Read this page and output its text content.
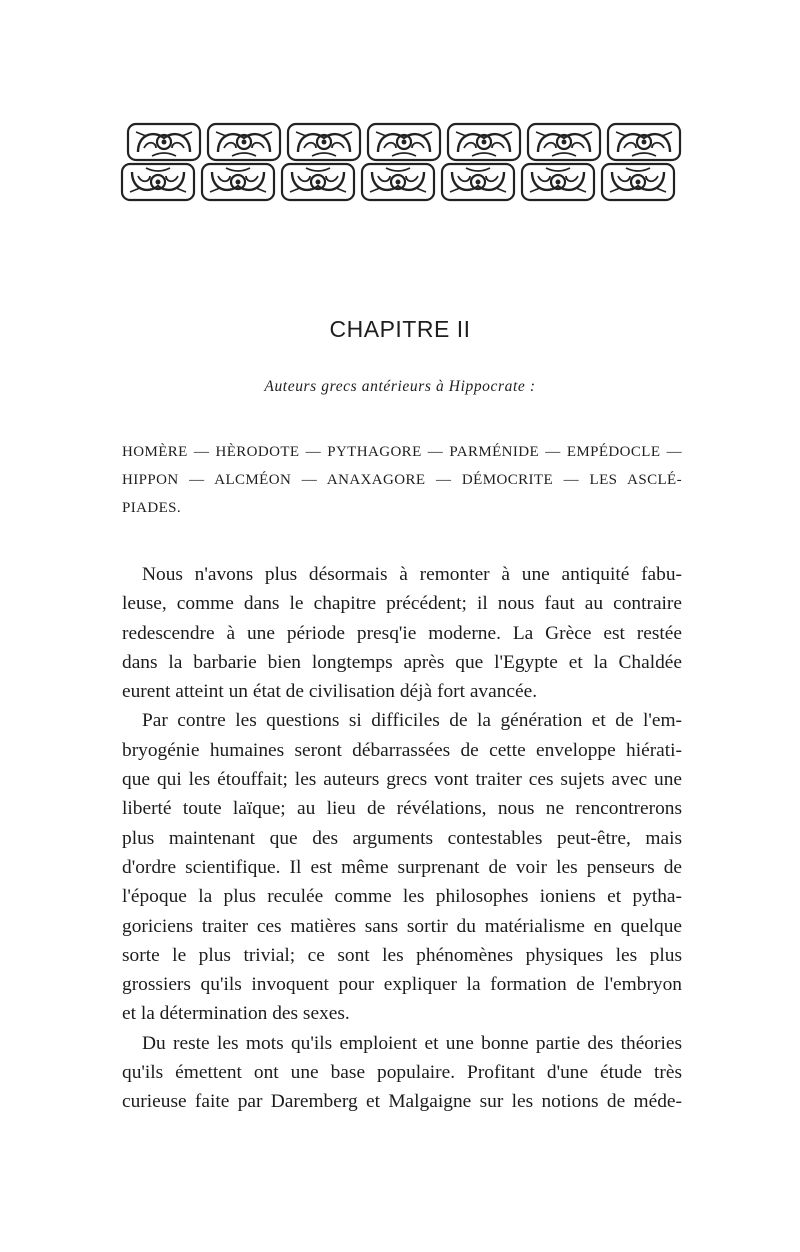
CHAPITRE II

Auteurs grecs antérieurs à Hippocrate :

HOMÈRE — HÈRODOTE — PYTHAGORE — PARMÉNIDE — EMPÉDOCLE —
HIPPON — ALCMÉON — ANAXAGORE — DÉMOCRITE — LES ASCLÉ-
PIADES.

Nous n'avons plus désormais à remonter à une antiquité fabu-
leuse, comme dans le chapitre précédent; il nous faut au contraire
redescendre à une période presq'ie moderne. La Grèce est restée
dans la barbarie bien longtemps après que l'Egypte et la Chaldée
eurent atteint un état de civilisation déjà fort avancée.
Par contre les questions si difficiles de la génération et de l'em-
bryogénie humaines seront débarrassées de cette enveloppe hiérati-
que qui les étouffait; les auteurs grecs vont traiter ces sujets avec une
liberté toute laïque; au lieu de révélations, nous ne rencontrerons
plus maintenant que des arguments contestables peut-être, mais
d'ordre scientifique. Il est même surprenant de voir les penseurs de
l'époque la plus reculée comme les philosophes ioniens et pytha-
goriciens traiter ces matières sans sortir du matérialisme en quelque
sorte le plus trivial; ce sont les phénomènes physiques les plus
grossiers qu'ils invoquent pour expliquer la formation de l'embryon
et la détermination des sexes.
Du reste les mots qu'ils emploient et une bonne partie des théories
qu'ils émettent ont une base populaire. Profitant d'une étude très
curieuse faite par Daremberg et Malgaigne sur les notions de méde-
